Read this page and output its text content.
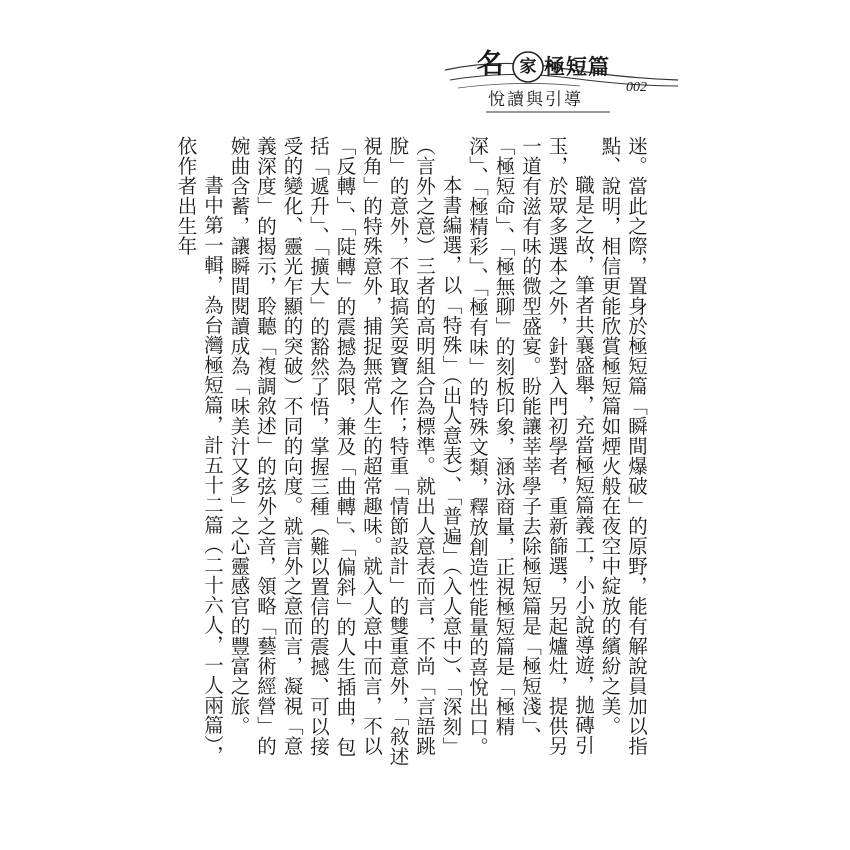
名 家 極短篇
悅讀與引導
002

迷。當此之際，置身於極短篇「瞬間爆破」的原野，能有解說員加以指點、說明，相信更能欣賞極短篇如煙火般在夜空中綻放的繽紛之美。

職是之故，筆者共襄盛舉，充當極短篇義工，小小說導遊，拋磚引玉，於眾多選本之外，針對入門初學者，重新篩選，另起爐灶，提供另一道有滋有味的微型盛宴。盼能讓莘莘學子去除極短篇是「極短淺」、「極短命」、「極無聊」的刻板印象，涵泳商量，正視極短篇是「極精深」、「極精彩」、「極有味」的特殊文類，釋放創造性能量的喜悅出口。

本書編選，以「特殊」（出人意表）、「普遍」（入人意中）、「深刻」（言外之意）三者的高明組合為標準。就出人意表而言，不尚「言語跳脫」的意外，不取搞笑耍寶之作；特重「情節設計」的雙重意外，「敘述視角」的特殊意外，捕捉無常人生的超常趣味。就入人意中而言，不以「反轉」、「陡轉」的震撼為限，兼及「曲轉」、「偏斜」的人生插曲，包括「遞升」、「擴大」的豁然了悟，掌握三種（難以置信的震撼、可以接受的變化、靈光乍顯的突破）不同的向度。就言外之意而言，凝視「意義深度」的揭示，聆聽「複調敘述」的弦外之音，領略「藝術經營」的婉曲含蓄，讓瞬間閱讀成為「味美汁又多」之心靈感官的豐富之旅。

書中第一輯，為台灣極短篇，計五十二篇（二十六人，一人兩篇），依作者出生年
